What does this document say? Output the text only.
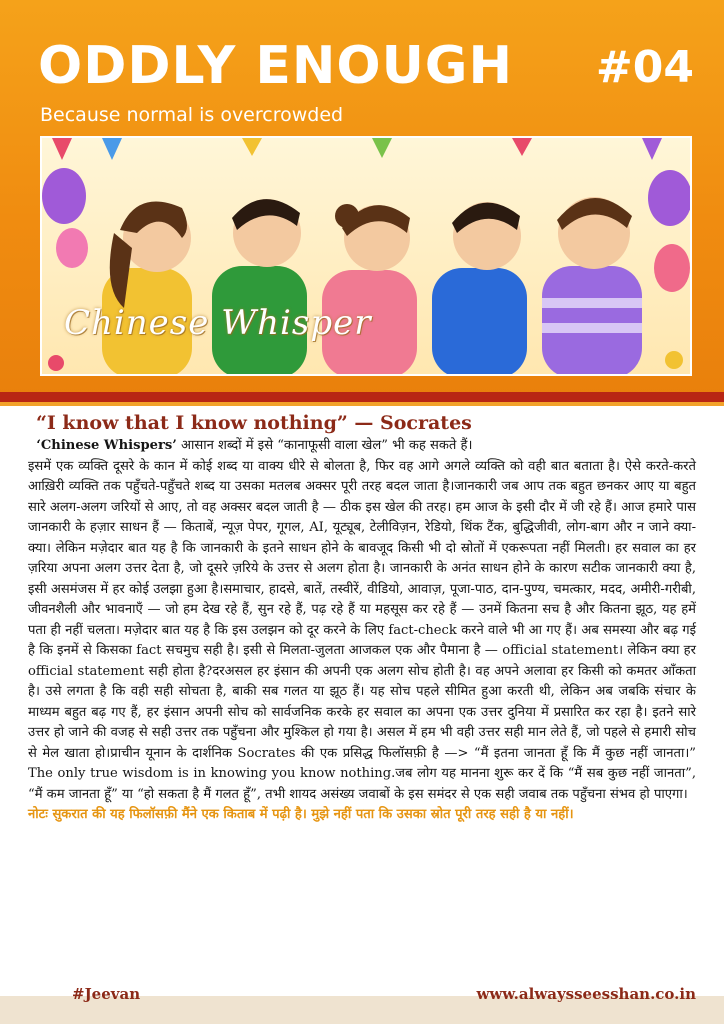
ODDLY ENOUGH #04
Because normal is overcrowded
Chinese Whisper
“I know that I know nothing” — Socrates

‘Chinese Whispers’ आसान शब्दों में इसे “कानाफूसी वाला खेल” भी कह सकते हैं।

इसमें एक व्यक्ति दूसरे के कान में कोई शब्द या वाक्य धीरे से बोलता है, फिर वह आगे अगले व्यक्ति को वही बात बताता है। ऐसे करते-करते आख़िरी व्यक्ति तक पहुँचते-पहुँचते शब्द या उसका मतलब अक्सर पूरी तरह बदल जाता है।जानकारी जब आप तक बहुत छनकर आए या बहुत सारे अलग-अलग जरियों से आए, तो वह अक्सर बदल जाती है — ठीक इस खेल की तरह। हम आज के इसी दौर में जी रहे हैं। आज हमारे पास जानकारी के हज़ार साधन हैं — किताबें, न्यूज़ पेपर, गूगल, AI, यूट्यूब, टेलीविज़न, रेडियो, थिंक टैंक, बुद्धिजीवी, लोग-बाग और न जाने क्या-क्या। लेकिन मज़ेदार बात यह है कि जानकारी के इतने साधन होने के बावजूद किसी भी दो स्रोतों में एकरूपता नहीं मिलती। हर सवाल का हर ज़रिया अपना अलग उत्तर देता है, जो दूसरे ज़रिये के उत्तर से अलग होता है। जानकारी के अनंत साधन होने के कारण सटीक जानकारी क्या है, इसी असमंजस में हर कोई उलझा हुआ है।समाचार, हादसे, बातें, तस्वीरें, वीडियो, आवाज़, पूजा-पाठ, दान-पुण्य, चमत्कार, मदद, अमीरी-गरीबी, जीवनशैली और भावनाएँ — जो हम देख रहे हैं, सुन रहे हैं, पढ़ रहे हैं या महसूस कर रहे हैं — उनमें कितना सच है और कितना झूठ, यह हमें पता ही नहीं चलता। मज़ेदार बात यह है कि इस उलझन को दूर करने के लिए fact-check करने वाले भी आ गए हैं। अब समस्या और बढ़ गई है कि इनमें से किसका fact सचमुच सही है। इसी से मिलता-जुलता आजकल एक और पैमाना है — official statement। लेकिन क्या हर official statement सही होता है?दरअसल हर इंसान की अपनी एक अलग सोच होती है। वह अपने अलावा हर किसी को कमतर आँकता है। उसे लगता है कि वही सही सोचता है, बाकी सब गलत या झूठ हैं। यह सोच पहले सीमित हुआ करती थी, लेकिन अब जबकि संचार के माध्यम बहुत बढ़ गए हैं, हर इंसान अपनी सोच को सार्वजनिक करके हर सवाल का अपना एक उत्तर दुनिया में प्रसारित कर रहा है। इतने सारे उत्तर हो जाने की वजह से सही उत्तर तक पहुँचना और मुश्किल हो गया है। असल में हम भी वही उत्तर सही मान लेते हैं, जो पहले से हमारी सोच से मेल खाता हो।प्राचीन यूनान के दार्शनिक Socrates की एक प्रसिद्ध फिलॉसफ़ी है —> “मैं इतना जानता हूँ कि मैं कुछ नहीं जानता।” The only true wisdom is in knowing you know nothing.जब लोग यह मानना शुरू कर दें कि “मैं सब कुछ नहीं जानता”, “मैं कम जानता हूँ” या “हो सकता है मैं गलत हूँ”, तभी शायद असंख्य जवाबों के इस समंदर से एक सही जवाब तक पहुँचना संभव हो पाएगा।

नोटः सुकरात की यह फिलॉसफ़ी मैंने एक किताब में पढ़ी है। मुझे नहीं पता कि उसका स्रोत पूरी तरह सही है या नहीं।

#Jeevan	www.alwaysseesshan.co.in
